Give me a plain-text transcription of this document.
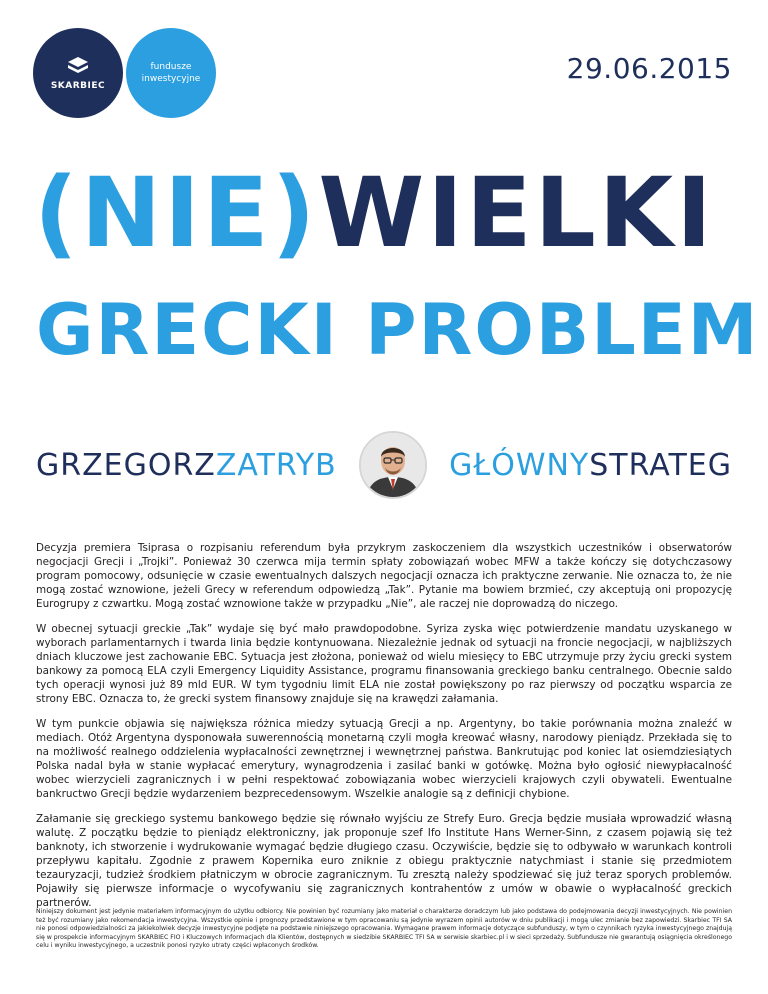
SKARBIEC
fundusze
inwestycyjne	29.06.2015
(NIE)WIELKI
GRECKI PROBLEM
GRZEGORZZATRYB	GŁÓWNYSTRATEG

Decyzja premiera Tsiprasa o rozpisaniu referendum była przykrym zaskoczeniem dla wszystkich uczestników i obserwatorów negocjacji Grecji i „Trojki”. Ponieważ 30 czerwca mija termin spłaty zobowiązań wobec MFW a także kończy się dotychczasowy program pomocowy, odsunięcie w czasie ewentualnych dalszych negocjacji oznacza ich praktyczne zerwanie. Nie oznacza to, że nie mogą zostać wznowione, jeżeli Grecy w referendum odpowiedzą „Tak”. Pytanie ma bowiem brzmieć, czy akceptują oni propozycję Eurogrupy z czwartku. Mogą zostać wznowione także w przypadku „Nie”, ale raczej nie doprowadzą do niczego.

W obecnej sytuacji greckie „Tak” wydaje się być mało prawdopodobne. Syriza zyska więc potwierdzenie mandatu uzyskanego w wyborach parlamentarnych i twarda linia będzie kontynuowana. Niezależnie jednak od sytuacji na froncie negocjacji, w najbliższych dniach kluczowe jest zachowanie EBC. Sytuacja jest złożona, ponieważ od wielu miesięcy to EBC utrzymuje przy życiu grecki system bankowy za pomocą ELA czyli Emergency Liquidity Assistance, programu finansowania greckiego banku centralnego. Obecnie saldo tych operacji wynosi już 89 mld EUR. W tym tygodniu limit ELA nie został powiększony po raz pierwszy od początku wsparcia ze strony EBC. Oznacza to, że grecki system finansowy znajduje się na krawędzi załamania.

W tym punkcie objawia się największa różnica miedzy sytuacją Grecji a np. Argentyny, bo takie porównania można znaleźć w mediach. Otóż Argentyna dysponowała suwerennością monetarną czyli mogła kreować własny, narodowy pieniądz. Przekłada się to na możliwość realnego oddzielenia wypłacalności zewnętrznej i wewnętrznej państwa. Bankrutując pod koniec lat osiemdziesiątych Polska nadal była w stanie wypłacać emerytury, wynagrodzenia i zasilać banki w gotówkę. Można było ogłosić niewypłacalność wobec wierzycieli zagranicznych i w pełni respektować zobowiązania wobec wierzycieli krajowych czyli obywateli. Ewentualne bankructwo Grecji będzie wydarzeniem bezprecedensowym. Wszelkie analogie są z definicji chybione.

Załamanie się greckiego systemu bankowego będzie się równało wyjściu ze Strefy Euro. Grecja będzie musiała wprowadzić własną walutę. Z początku będzie to pieniądz elektroniczny, jak proponuje szef Ifo Institute Hans Werner-Sinn, z czasem pojawią się też banknoty, ich stworzenie i wydrukowanie wymagać będzie długiego czasu. Oczywiście, będzie się to odbywało w warunkach kontroli przepływu kapitału. Zgodnie z prawem Kopernika euro zniknie z obiegu praktycznie natychmiast i stanie się przedmiotem tezauryzacji, tudzież środkiem płatniczym w obrocie zagranicznym. Tu zresztą należy spodziewać się już teraz sporych problemów. Pojawiły się pierwsze informacje o wycofywaniu się zagranicznych kontrahentów z umów w obawie o wypłacalność greckich partnerów.

Niniejszy dokument jest jedynie materiałem informacyjnym do użytku odbiorcy. Nie powinien być rozumiany jako materiał o charakterze doradczym lub jako podstawa do podejmowania decyzji inwestycyjnych. Nie powinien też być rozumiany jako rekomendacja inwestycyjna. Wszystkie opinie i prognozy przedstawione w tym opracowaniu są jedynie wyrazem opinii autorów w dniu publikacji i mogą ulec zmianie bez zapowiedzi. Skarbiec TFI SA nie ponosi odpowiedzialności za jakiekolwiek decyzje inwestycyjne podjęte na podstawie niniejszego opracowania. Wymagane prawem informacje dotyczące subfunduszy, w tym o czynnikach ryzyka inwestycyjnego znajdują się w prospekcie informacyjnym SKARBIEC FIO i Kluczowych Informacjach dla Klientów, dostępnych w siedzibie SKARBIEC TFI SA w serwisie skarbiec.pl i w sieci sprzedaży. Subfundusze nie gwarantują osiągnięcia określonego celu i wyniku inwestycyjnego, a uczestnik ponosi ryzyko utraty części wpłaconych środków.
